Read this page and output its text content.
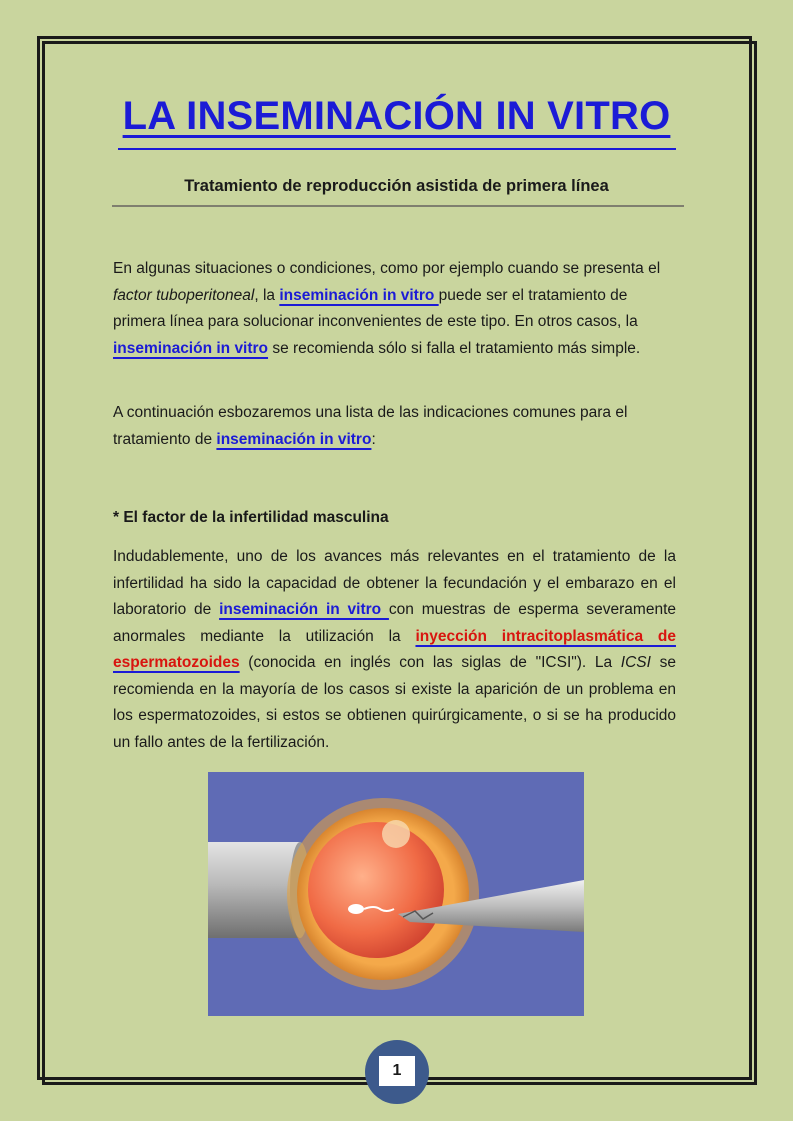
LA INSEMINACIÓN IN VITRO
Tratamiento de reproducción asistida de primera línea
En algunas situaciones o condiciones, como por ejemplo cuando se presenta el factor tuboperitoneal, la inseminación in vitro puede ser el tratamiento de primera línea para solucionar inconvenientes de este tipo. En otros casos, la inseminación in vitro se recomienda sólo si falla el tratamiento más simple.
A continuación esbozaremos una lista de las indicaciones comunes para el tratamiento de inseminación in vitro:
* El factor de la infertilidad masculina
Indudablemente, uno de los avances más relevantes en el tratamiento de la infertilidad ha sido la capacidad de obtener la fecundación y el embarazo en el laboratorio de inseminación in vitro con muestras de esperma severamente anormales mediante la utilización la inyección intracitoplasmática de espermatozoides (conocida en inglés con las siglas de "ICSI"). La ICSI se recomienda en la mayoría de los casos si existe la aparición de un problema en los espermatozoides, si estos se obtienen quirúrgicamente, o si se ha producido un fallo antes de la fertilización.
1
